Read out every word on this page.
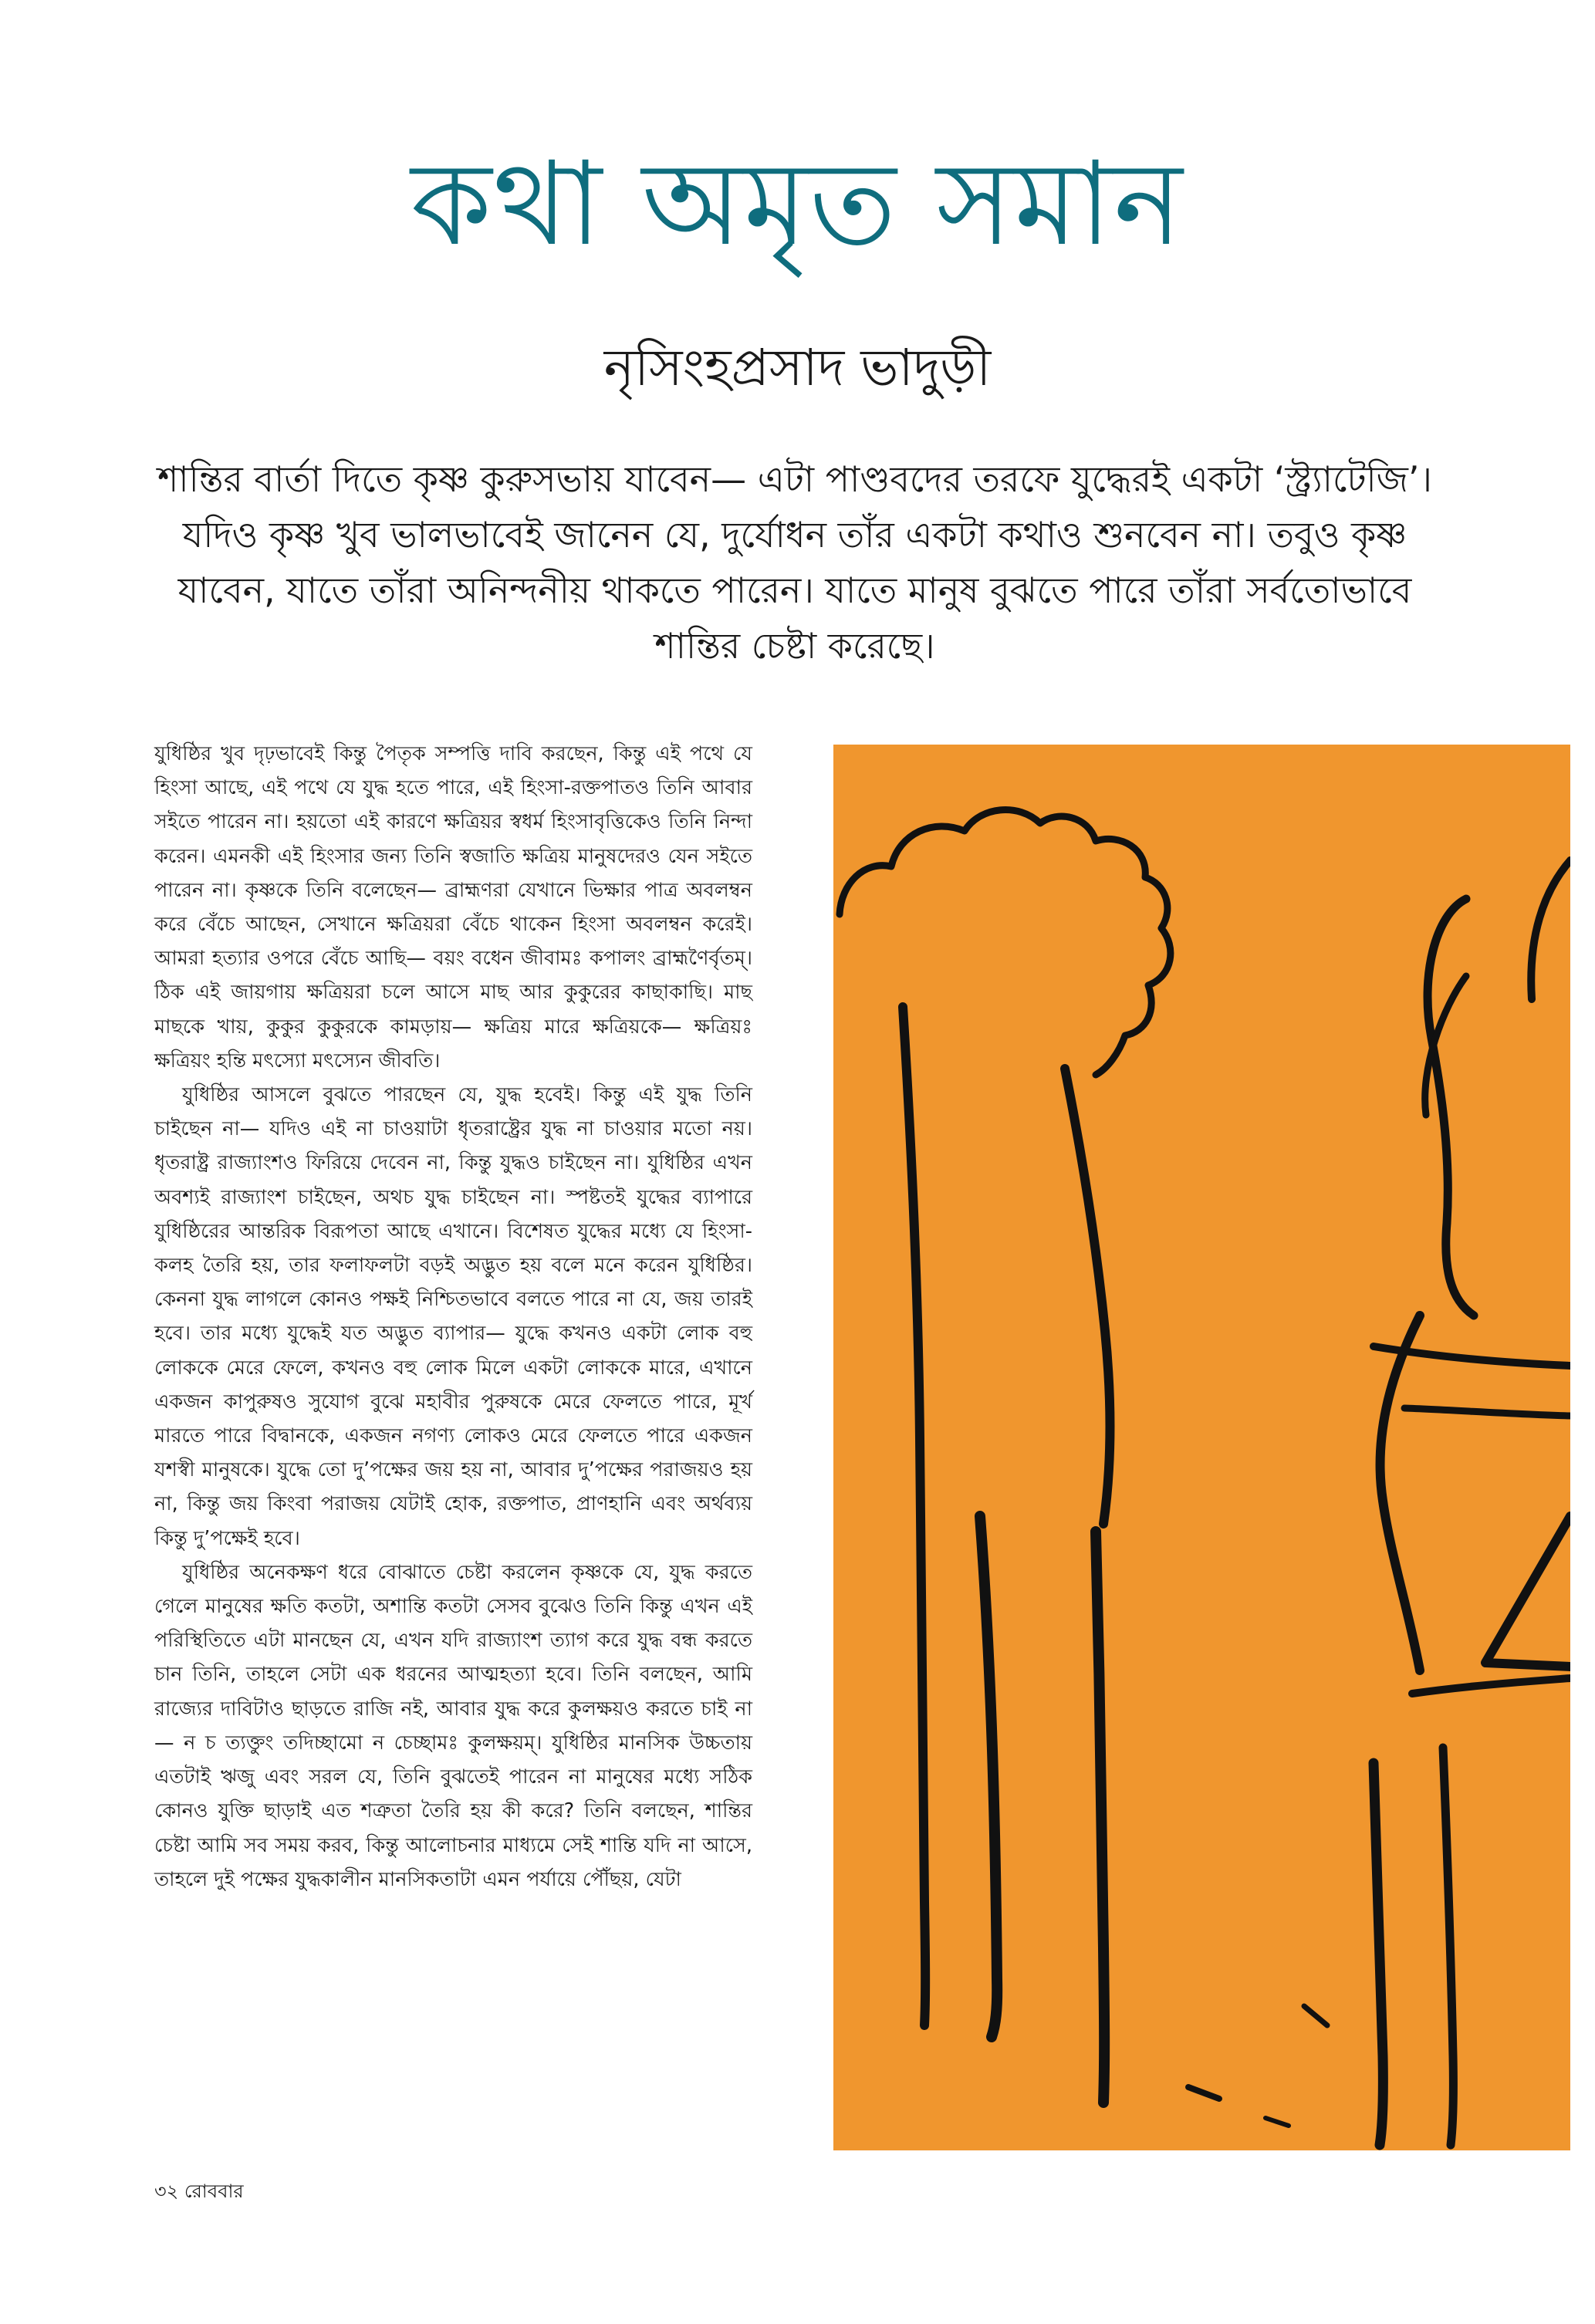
কথা অমৃত সমান
নৃসিংহপ্রসাদ ভাদুড়ী

শান্তির বার্তা দিতে কৃষ্ণ কুরুসভায় যাবেন— এটা পাণ্ডবদের তরফে যুদ্ধেরই একটা ‘স্ট্র্যাটেজি’। যদিও কৃষ্ণ খুব ভালভাবেই জানেন যে, দুর্যোধন তাঁর একটা কথাও শুনবেন না। তবুও কৃষ্ণ যাবেন, যাতে তাঁরা অনিন্দনীয় থাকতে পারেন। যাতে মানুষ বুঝতে পারে তাঁরা সর্বতোভাবে শান্তির চেষ্টা করেছে।

যুধিষ্ঠির খুব দৃঢ়ভাবেই কিন্তু পৈতৃক সম্পত্তি দাবি করছেন, কিন্তু এই পথে যে হিংসা আছে, এই পথে যে যুদ্ধ হতে পারে, এই হিংসা-রক্তপাতও তিনি আবার সইতে পারেন না। হয়তো এই কারণে ক্ষত্রিয়র স্বধর্ম হিংসাবৃত্তিকেও তিনি নিন্দা করেন। এমনকী এই হিংসার জন্য তিনি স্বজাতি ক্ষত্রিয় মানুষদেরও যেন সইতে পারেন না। কৃষ্ণকে তিনি বলেছেন— ব্রাহ্মণরা যেখানে ভিক্ষার পাত্র অবলম্বন করে বেঁচে আছেন, সেখানে ক্ষত্রিয়রা বেঁচে থাকেন হিংসা অবলম্বন করেই। আমরা হত্যার ওপরে বেঁচে আছি— বয়ং বধেন জীবামঃ কপালং ব্রাহ্মণৈর্বৃতম্। ঠিক এই জায়গায় ক্ষত্রিয়রা চলে আসে মাছ আর কুকুরের কাছাকাছি। মাছ মাছকে খায়, কুকুর কুকুরকে কামড়ায়— ক্ষত্রিয় মারে ক্ষত্রিয়কে— ক্ষত্রিয়ঃ ক্ষত্রিয়ং হন্তি মৎস্যো মৎস্যেন জীবতি।

যুধিষ্ঠির আসলে বুঝতে পারছেন যে, যুদ্ধ হবেই। কিন্তু এই যুদ্ধ তিনি চাইছেন না— যদিও এই না চাওয়াটা ধৃতরাষ্ট্রের যুদ্ধ না চাওয়ার মতো নয়। ধৃতরাষ্ট্র রাজ্যাংশও ফিরিয়ে দেবেন না, কিন্তু যুদ্ধও চাইছেন না। যুধিষ্ঠির এখন অবশ্যই রাজ্যাংশ চাইছেন, অথচ যুদ্ধ চাইছেন না। স্পষ্টতই যুদ্ধের ব্যাপারে যুধিষ্ঠিরের আন্তরিক বিরূপতা আছে এখানে। বিশেষত যুদ্ধের মধ্যে যে হিংসা-কলহ তৈরি হয়, তার ফলাফলটা বড়ই অদ্ভুত হয় বলে মনে করেন যুধিষ্ঠির। কেননা যুদ্ধ লাগলে কোনও পক্ষই নিশ্চিতভাবে বলতে পারে না যে, জয় তারই হবে। তার মধ্যে যুদ্ধেই যত অদ্ভুত ব্যাপার— যুদ্ধে কখনও একটা লোক বহু লোককে মেরে ফেলে, কখনও বহু লোক মিলে একটা লোককে মারে, এখানে একজন কাপুরুষও সুযোগ বুঝে মহাবীর পুরুষকে মেরে ফেলতে পারে, মূর্খ মারতে পারে বিদ্বানকে, একজন নগণ্য লোকও মেরে ফেলতে পারে একজন যশস্বী মানুষকে। যুদ্ধে তো দু’পক্ষের জয় হয় না, আবার দু’পক্ষের পরাজয়ও হয় না, কিন্তু জয় কিংবা পরাজয় যেটাই হোক, রক্তপাত, প্রাণহানি এবং অর্থব্যয় কিন্তু দু’পক্ষেই হবে।

যুধিষ্ঠির অনেকক্ষণ ধরে বোঝাতে চেষ্টা করলেন কৃষ্ণকে যে, যুদ্ধ করতে গেলে মানুষের ক্ষতি কতটা, অশান্তি কতটা সেসব বুঝেও তিনি কিন্তু এখন এই পরিস্থিতিতে এটা মানছেন যে, এখন যদি রাজ্যাংশ ত্যাগ করে যুদ্ধ বন্ধ করতে চান তিনি, তাহলে সেটা এক ধরনের আত্মহত্যা হবে। তিনি বলছেন, আমি রাজ্যের দাবিটাও ছাড়তে রাজি নই, আবার যুদ্ধ করে কুলক্ষয়ও করতে চাই না— ন চ ত্যক্তুং তদিচ্ছামো ন চেচ্ছামঃ কুলক্ষয়ম্। যুধিষ্ঠির মানসিক উচ্চতায় এতটাই ঋজু এবং সরল যে, তিনি বুঝতেই পারেন না মানুষের মধ্যে সঠিক কোনও যুক্তি ছাড়াই এত শত্রুতা তৈরি হয় কী করে? তিনি বলছেন, শান্তির চেষ্টা আমি সব সময় করব, কিন্তু আলোচনার মাধ্যমে সেই শান্তি যদি না আসে, তাহলে দুই পক্ষের যুদ্ধকালীন মানসিকতাটা এমন পর্যায়ে পৌঁছয়, যেটা

৩২ রোববার
